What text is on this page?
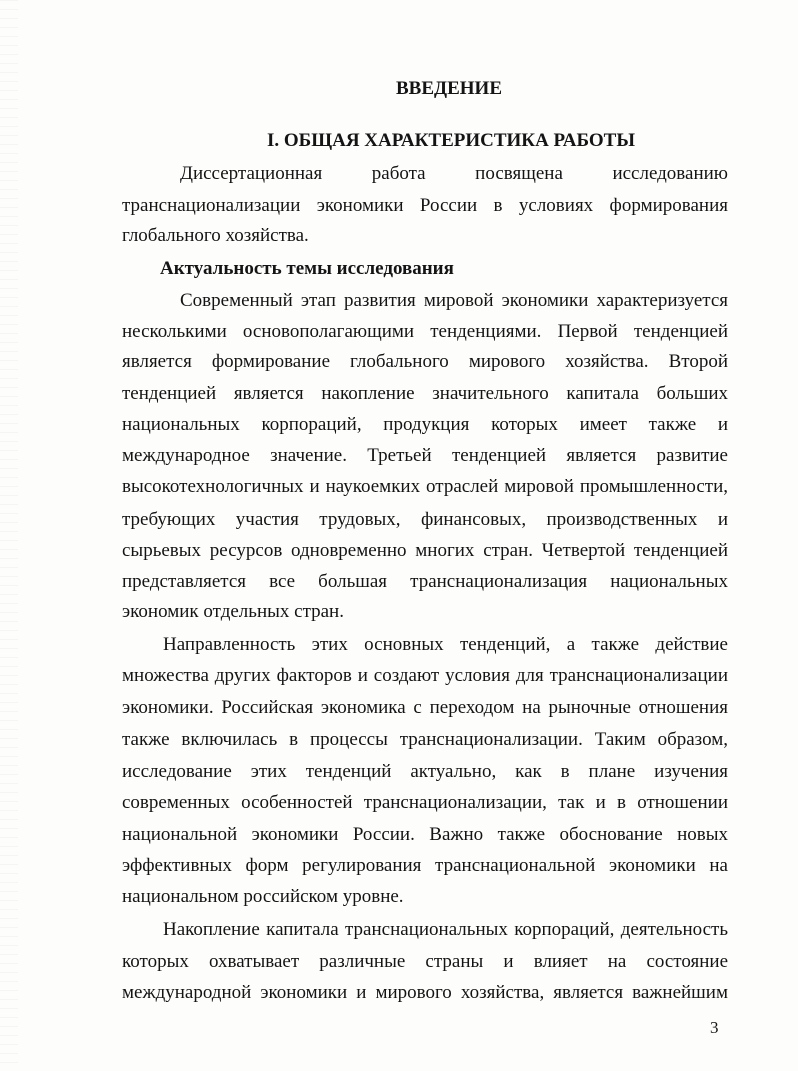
ВВЕДЕНИЕ
I. ОБЩАЯ ХАРАКТЕРИСТИКА РАБОТЫ
Диссертационная работа посвящена исследованию
транснационализации экономики России в условиях формирования
глобального хозяйства.
Актуальность темы исследования
Современный этап развития мировой экономики характеризуется
несколькими основополагающими тенденциями. Первой тенденцией
является формирование глобального мирового хозяйства. Второй
тенденцией является накопление значительного капитала больших
национальных корпораций, продукция которых имеет также и
международное значение. Третьей тенденцией является развитие
высокотехнологичных и наукоемких отраслей мировой промышленности,
требующих участия трудовых, финансовых, производственных и
сырьевых ресурсов одновременно многих стран. Четвертой тенденцией
представляется все большая транснационализация национальных
экономик отдельных стран.
Направленность этих основных тенденций, а также действие
множества других факторов и создают условия для транснационализации
экономики. Российская экономика с переходом на рыночные отношения
также включилась в процессы транснационализации. Таким образом,
исследование этих тенденций актуально, как в плане изучения
современных особенностей транснационализации, так и в отношении
национальной экономики России. Важно также обоснование новых
эффективных форм регулирования транснациональной экономики на
национальном российском уровне.
Накопление капитала транснациональных корпораций, деятельность
которых охватывает различные страны и влияет на состояние
международной экономики и мирового хозяйства, является важнейшим
3
